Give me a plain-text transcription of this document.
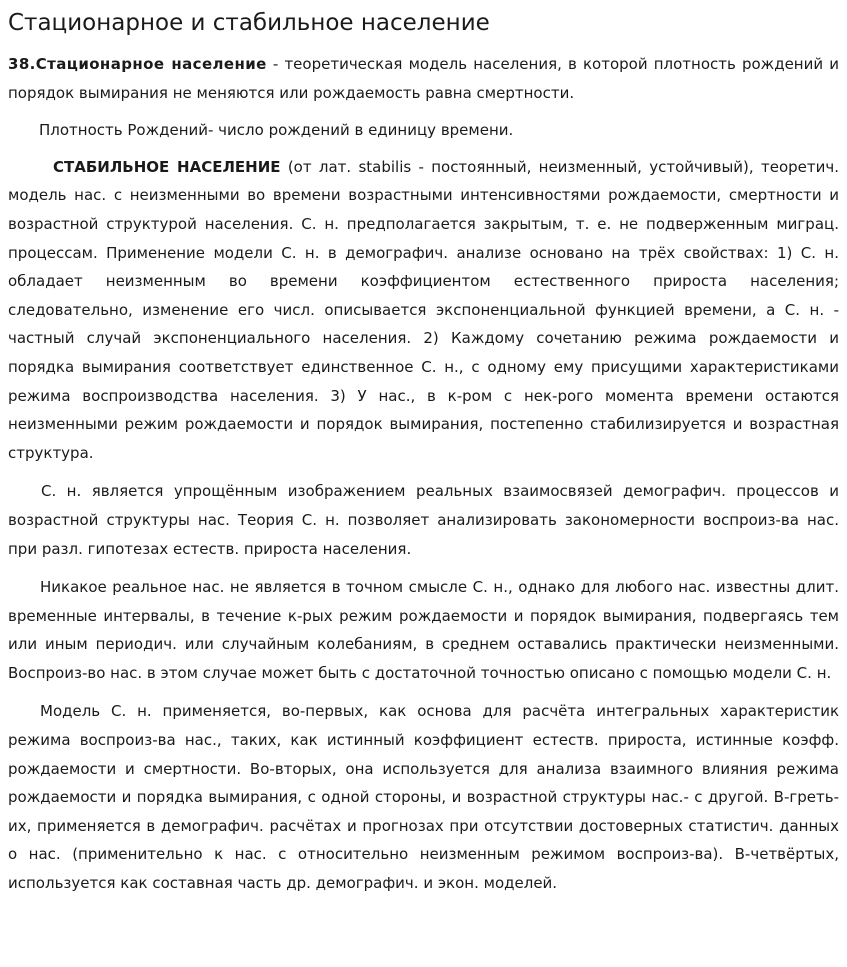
Стационарное и стабильное население

38.Стационарное население - теоретическая модель населения, в которой плотность рождений и порядок вымирания не меняются или рождаемость равна смертности.

Плотность Рождений- число рождений в единицу времени.

СТАБИЛЬНОЕ НАСЕЛЕНИЕ (от лат. stabilis - постоянный, неизменный, устойчивый), теоретич. модель нас. с неизменными во времени возрастными интенсивностями рождаемости, смертности и возрастной структурой населения. С. н. предполагается закрытым, т. е. не подверженным миграц. процессам. Применение модели С. н. в демографич. анализе основано на трёх свойствах: 1) С. н. обладает неизменным во времени коэффициентом естественного прироста населения; следовательно, изменение его числ. описывается экспоненциальной функцией времени, а С. н. - частный случай экспоненциального населения. 2) Каждому сочетанию режима рождаемости и порядка вымирания соответствует единственное С. н., с одному ему присущими характеристиками режима воспроизводства населения. 3) У нас., в к-ром с нек-рого момента времени остаются неизменными режим рождаемости и порядок вымирания, постепенно стабилизируется и возрастная структура.

С. н. является упрощённым изображением реальных взаимосвязей демографич. процессов и возрастной структуры нас. Теория С. н. позволяет анализировать закономерности воспроиз-ва нас. при разл. гипотезах естеств. прироста населения.

Никакое реальное нас. не является в точном смысле С. н., однако для любого нас. известны длит. временные интервалы, в течение к-рых режим рождаемости и порядок вымирания, подвергаясь тем или иным периодич. или случайным колебаниям, в среднем оставались практически неизменными. Воспроиз-во нас. в этом случае может быть с достаточной точностью описано с помощью модели С. н.

Модель С. н. применяется, во-первых, как основа для расчёта интегральных характеристик режима воспроиз-ва нас., таких, как истинный коэффициент естеств. прироста, истинные коэфф. рождаемости и смертности. Во-вторых, она используется для анализа взаимного влияния режима рождаемости и порядка вымирания, с одной стороны, и возрастной структуры нас.- с другой. В-греть-их, применяется в демографич. расчётах и прогнозах при отсутствии достоверных статистич. данных о нас. (применительно к нас. с относительно неизменным режимом воспроиз-ва). В-четвёртых, используется как составная часть др. демографич. и экон. моделей.
